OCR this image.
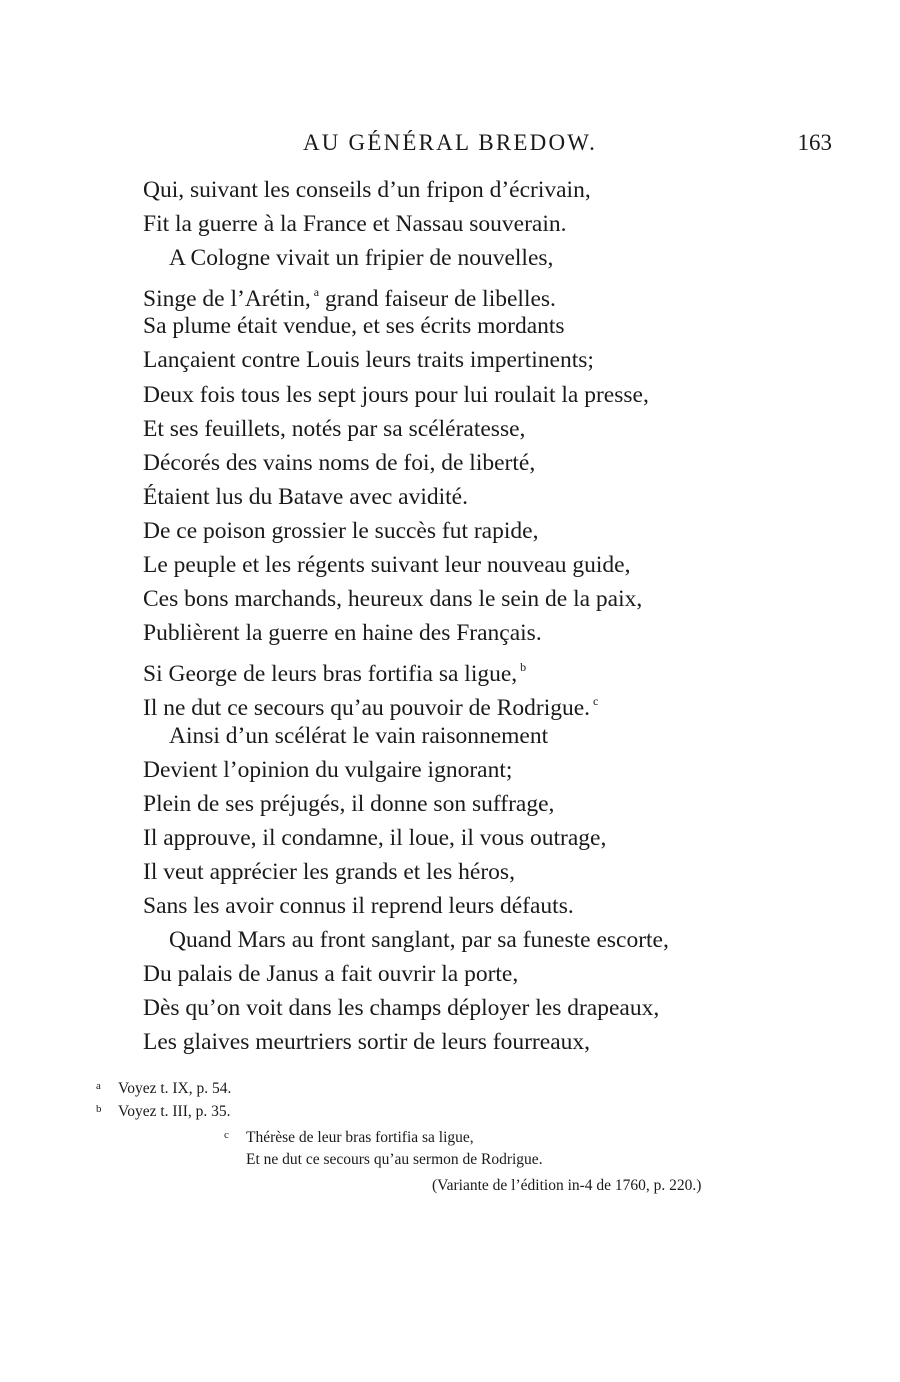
AU GÉNÉRAL BREDOW.	163
Qui, suivant les conseils d’un fripon d’écrivain,
Fit la guerre à la France et Nassau souverain.
A Cologne vivait un fripier de nouvelles,
Singe de l’Arétin, $^a$ grand faiseur de libelles.
Sa plume était vendue, et ses écrits mordants
Lançaient contre Louis leurs traits impertinents;
Deux fois tous les sept jours pour lui roulait la presse,
Et ses feuillets, notés par sa scélératesse,
Décorés des vains noms de foi, de liberté,
Étaient lus du Batave avec avidité.
De ce poison grossier le succès fut rapide,
Le peuple et les régents suivant leur nouveau guide,
Ces bons marchands, heureux dans le sein de la paix,
Publièrent la guerre en haine des Français.
Si George de leurs bras fortifia sa ligue, $^b$
Il ne dut ce secours qu’au pouvoir de Rodrigue. $^c$
Ainsi d’un scélérat le vain raisonnement
Devient l’opinion du vulgaire ignorant;
Plein de ses préjugés, il donne son suffrage,
Il approuve, il condamne, il loue, il vous outrage,
Il veut apprécier les grands et les héros,
Sans les avoir connus il reprend leurs défauts.
Quand Mars au front sanglant, par sa funeste escorte,
Du palais de Janus a fait ouvrir la porte,
Dès qu’on voit dans les champs déployer les drapeaux,
Les glaives meurtriers sortir de leurs fourreaux,
a Voyez t. IX, p. 54.
b Voyez t. III, p. 35.
c Thérèse de leur bras fortifia sa ligue,
Et ne dut ce secours qu’au sermon de Rodrigue.
(Variante de l’édition in-4 de 1760, p. 220.)
